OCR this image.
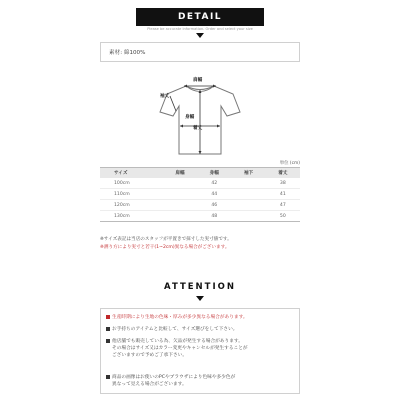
DETAIL INFORMATION
Please be accurate information. Order and select your size
素材: 綿100%
肩幅
袖丈
身幅
着丈
単位 (cm)
サイズ	肩幅	身幅	袖下	着丈
100cm		42		38
110cm		44		41
120cm		46		47
130cm		48		50
※サイズ表記は当店のスタッフが平置きで採寸した実寸値です。
※测り方により実寸と若干(1~2cm)異なる場合がございます。
ATTENTION
生産時期により生地の色味・厚みが多少異なる場合があります。
お手持ちのアイテムと比較して、サイズ選びをして下さい。
他店舗でも販売している為、欠品が発生する場合があります。
その場合はサイズ又はカラー変更やキャンセルが発生することが
ございますので予めご了承下さい。
商品の画像はお使いのPCやブラウザにより色味や多少色が
異なって見える場合がございます。
